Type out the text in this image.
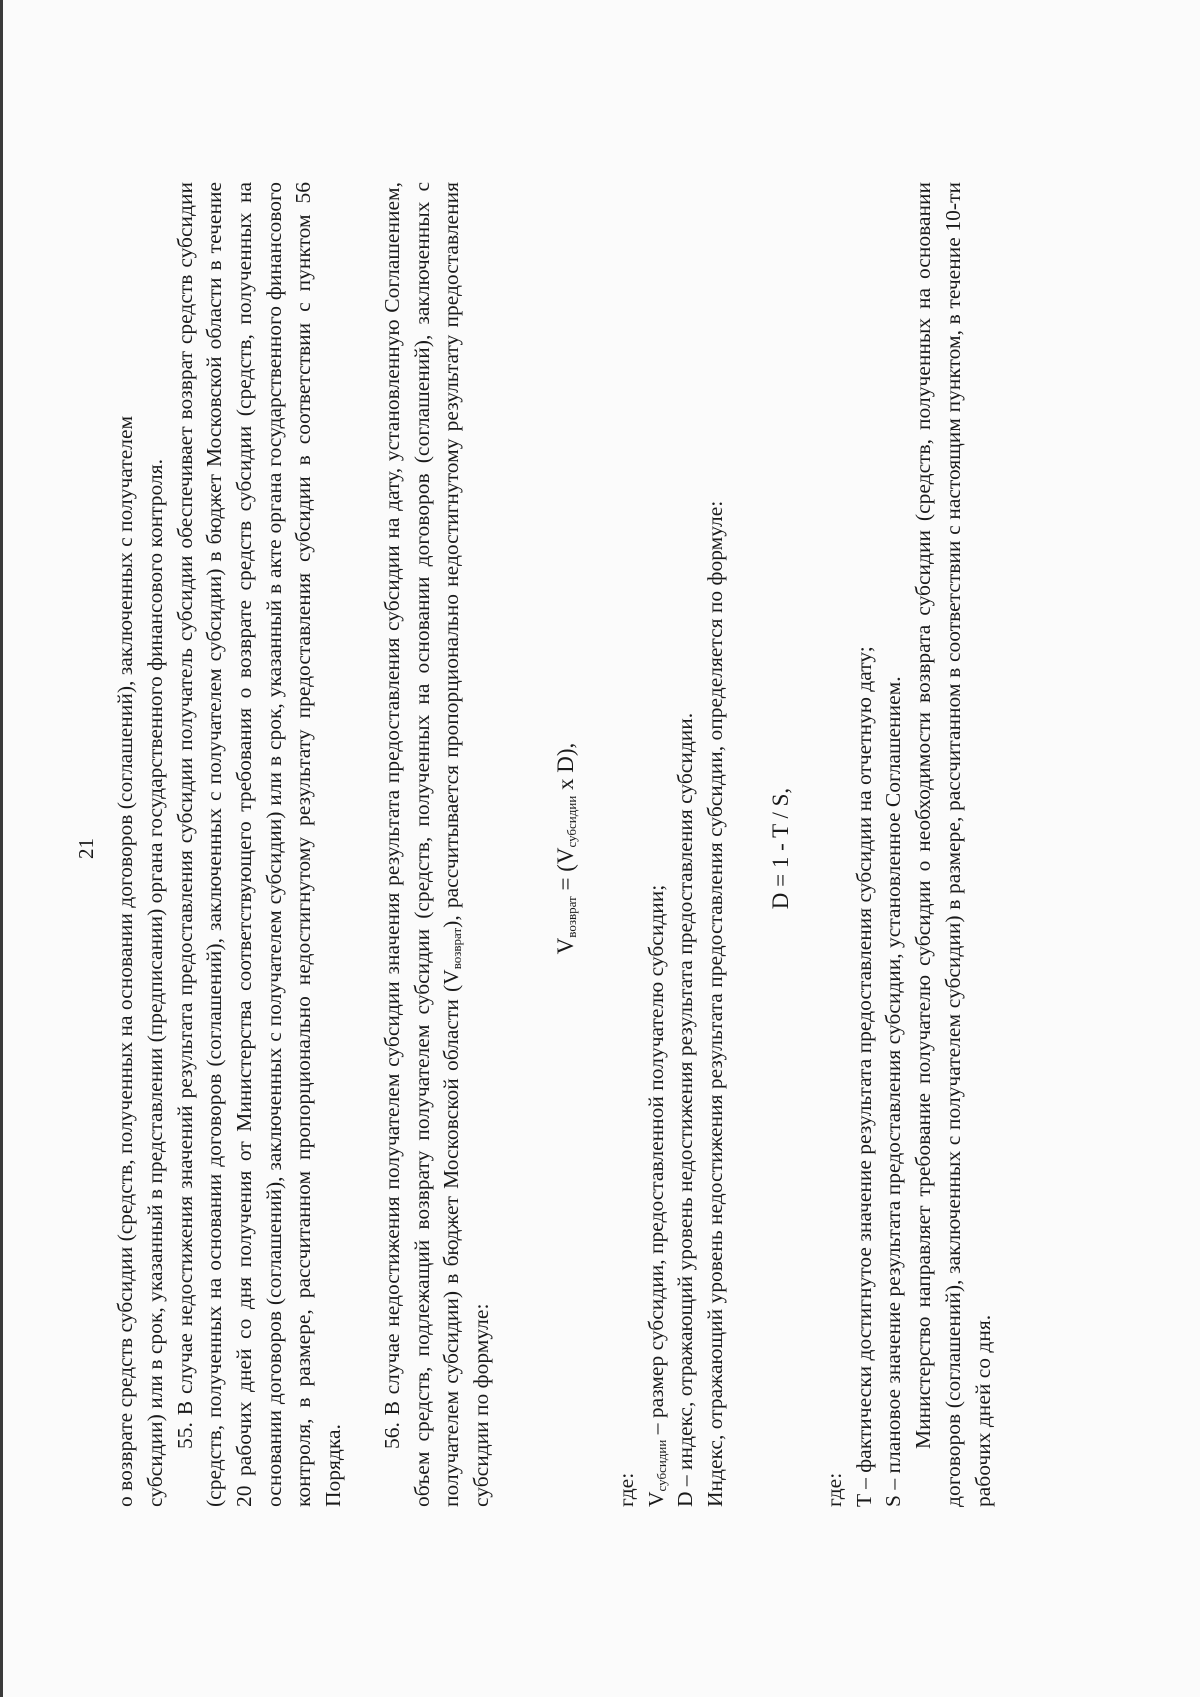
21 о возврате средств субсидии (средств, полученных на основании договоров (соглашений), заключенных с получателем субсидии) или в срок, указанный в представлении (предписании) органа государственного финансового контроля. 55. В случае недостижения значений результата предоставления субсидии получатель субсидии обеспечивает возврат средств субсидии (средств, полученных на основании договоров (соглашений), заключенных с получателем субсидии) в бюджет Московской области в течение 20 рабочих дней со дня получения от Министерства соответствующего требования о возврате средств субсидии (средств, полученных на основании договоров (соглашений), заключенных с получателем субсидии) или в срок, указанный в акте органа государственного финансового контроля, в размере, рассчитанном пропорционально недостигнутому результату предоставления субсидии в соответствии с пунктом 56 Порядка.

56. В случае недостижения получателем субсидии значения результата предоставления субсидии на дату, установленную Соглашением, объем средств, подлежащий возврату получателем субсидии (средств, полученных на основании договоров (соглашений), заключенных с получателем субсидии) в бюджет Московской области $(V_{возврат})$, рассчитывается пропорционально недостигнутому результату предоставления субсидии по формуле:

$V_{возврат} = (V_{субсидии}$ x D),

где: $V_{субсидии}$ – размер субсидии, предоставленной получателю субсидии; D – индекс, отражающий уровень недостижения результата предоставления субсидии. Индекс, отражающий уровень недостижения результата предоставления субсидии, определяется по формуле: D = 1 - T / S,

где: T – фактически достигнутое значение результата предоставления субсидии на отчетную дату; S – плановое значение результата предоставления субсидии, установленное Соглашением. Министерство направляет требование получателю субсидии о необходимости возврата субсидии (средств, полученных на основании договоров (соглашений), заключенных с получателем субсидии) в размере, рассчитанном в соответствии с настоящим пунктом, в течение 10-ти рабочих дней со дня.
